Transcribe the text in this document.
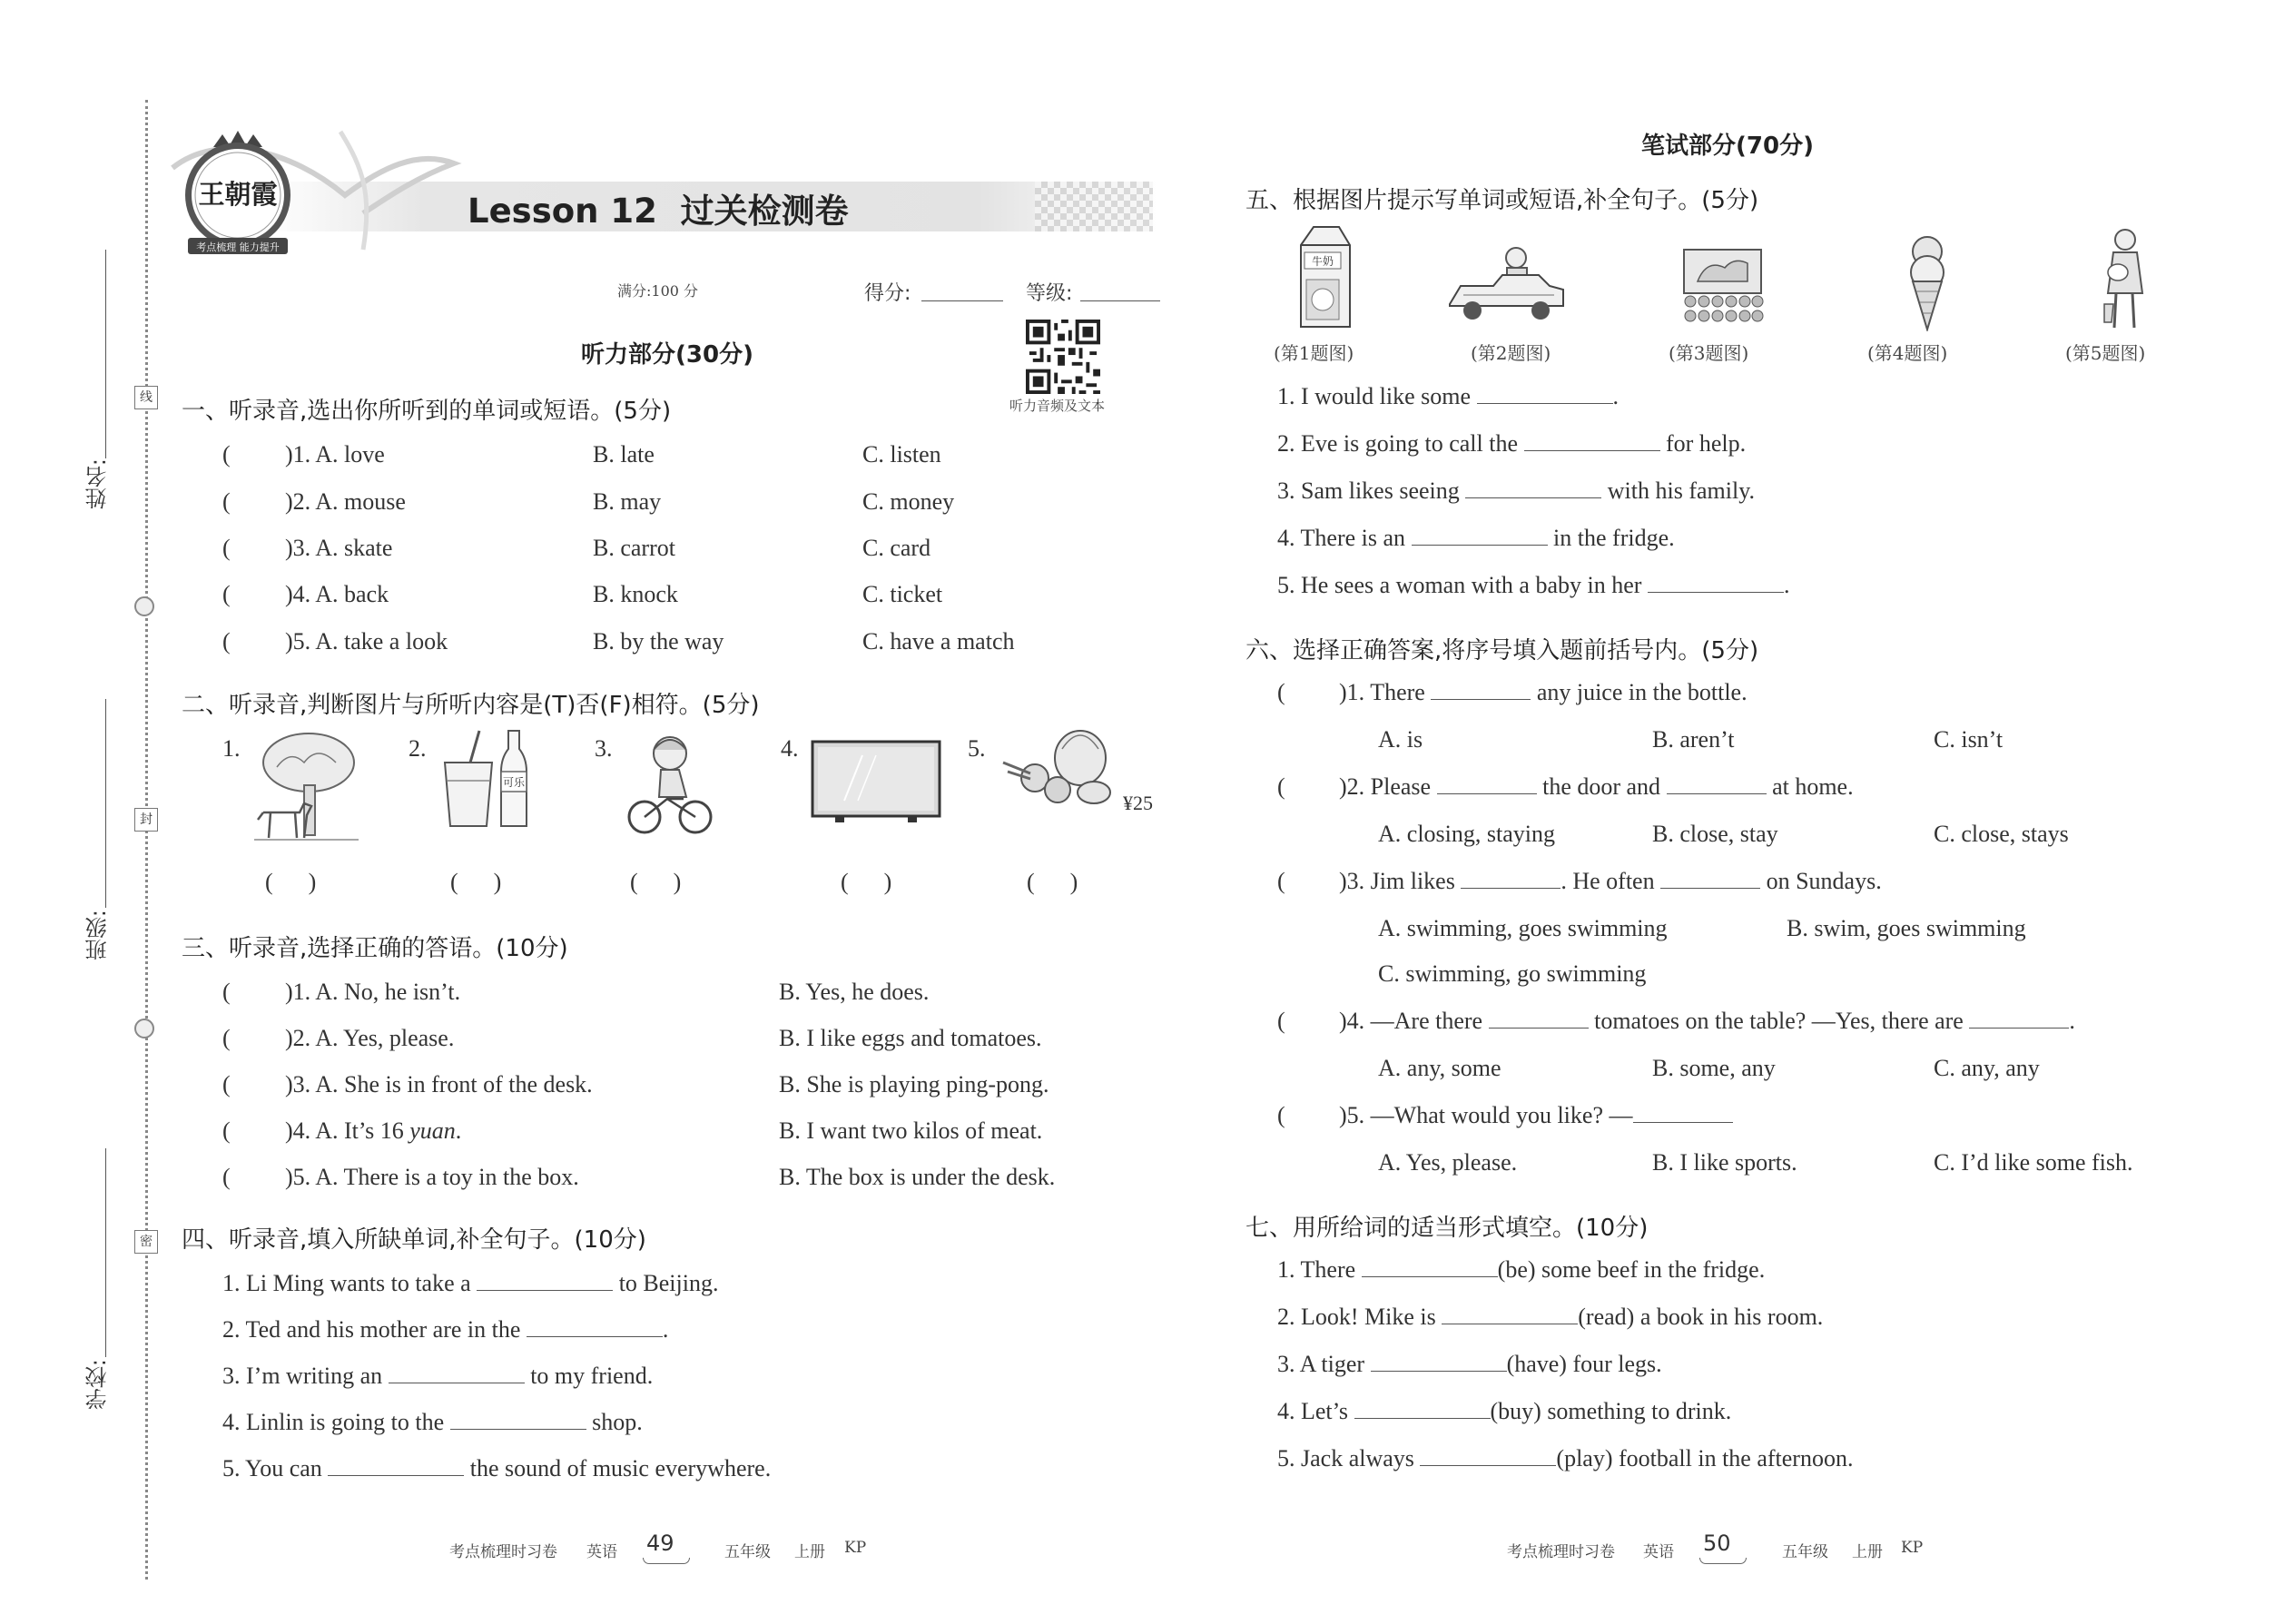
线
封
密
姓名:
班级:
学校:
王朝霞
考点梳理 能力提升
Lesson 12  过关检测卷
满分:100 分	得分:	等级:
听力音频及文本
听力部分(30分)
一、听录音,选出你所听到的单词或短语。(5分)
( )1. A. love	B. late	C. listen
( )2. A. mouse	B. may	C. money
( )3. A. skate	B. carrot	C. card
( )4. A. back	B. knock	C. ticket
( )5. A. take a look	B. by the way	C. have a match
二、听录音,判断图片与所听内容是(T)否(F)相符。(5分)
1.	2.	3.	4.	5.
可乐
¥25
(      )	(      )	(      )	(      )	(      )
三、听录音,选择正确的答语。(10分)
( )1. A. No, he isn’t.	B. Yes, he does.
( )2. A. Yes, please.	B. I like eggs and tomatoes.
( )3. A. She is in front of the desk.	B. She is playing ping-pong.
( )4. A. It’s 16 yuan.	B. I want two kilos of meat.
( )5. A. There is a toy in the box.	B. The box is under the desk.
四、听录音,填入所缺单词,补全句子。(10分)
1. Li Ming wants to take a	to Beijing.
2. Ted and his mother are in the	.
3. I’m writing an	to my friend.
4. Linlin is going to the	shop.
5. You can	the sound of music everywhere.
考点梳理时习卷 英语 49	五年级 上册 KP
笔试部分(70分)
五、根据图片提示写单词或短语,补全句子。(5分)
牛奶
(第1题图)	(第2题图)	(第3题图)	(第4题图)	(第5题图)
1. I would like some	.
2. Eve is going to call the	for help.
3. Sam likes seeing	with his family.
4. There is an	in the fridge.
5. He sees a woman with a baby in her	.
六、选择正确答案,将序号填入题前括号内。(5分)
( )1. There	any juice in the bottle.
A. is	B. aren’t	C. isn’t
( )2. Please	the door and	at home.
A. closing, staying	B. close, stay	C. close, stays
( )3. Jim likes	. He often	on Sundays.
A. swimming, goes swimming	B. swim, goes swimming
C. swimming, go swimming
( )4. —Are there	tomatoes on the table? —Yes, there are	.
A. any, some	B. some, any	C. any, any
( )5. —What would you like? —
A. Yes, please.	B. I like sports.	C. I’d like some fish.
七、用所给词的适当形式填空。(10分)
1. There	(be) some beef in the fridge.
2. Look! Mike is	(read) a book in his room.
3. A tiger	(have) four legs.
4. Let’s	(buy) something to drink.
5. Jack always	(play) football in the afternoon.
考点梳理时习卷 英语 50	五年级 上册 KP
